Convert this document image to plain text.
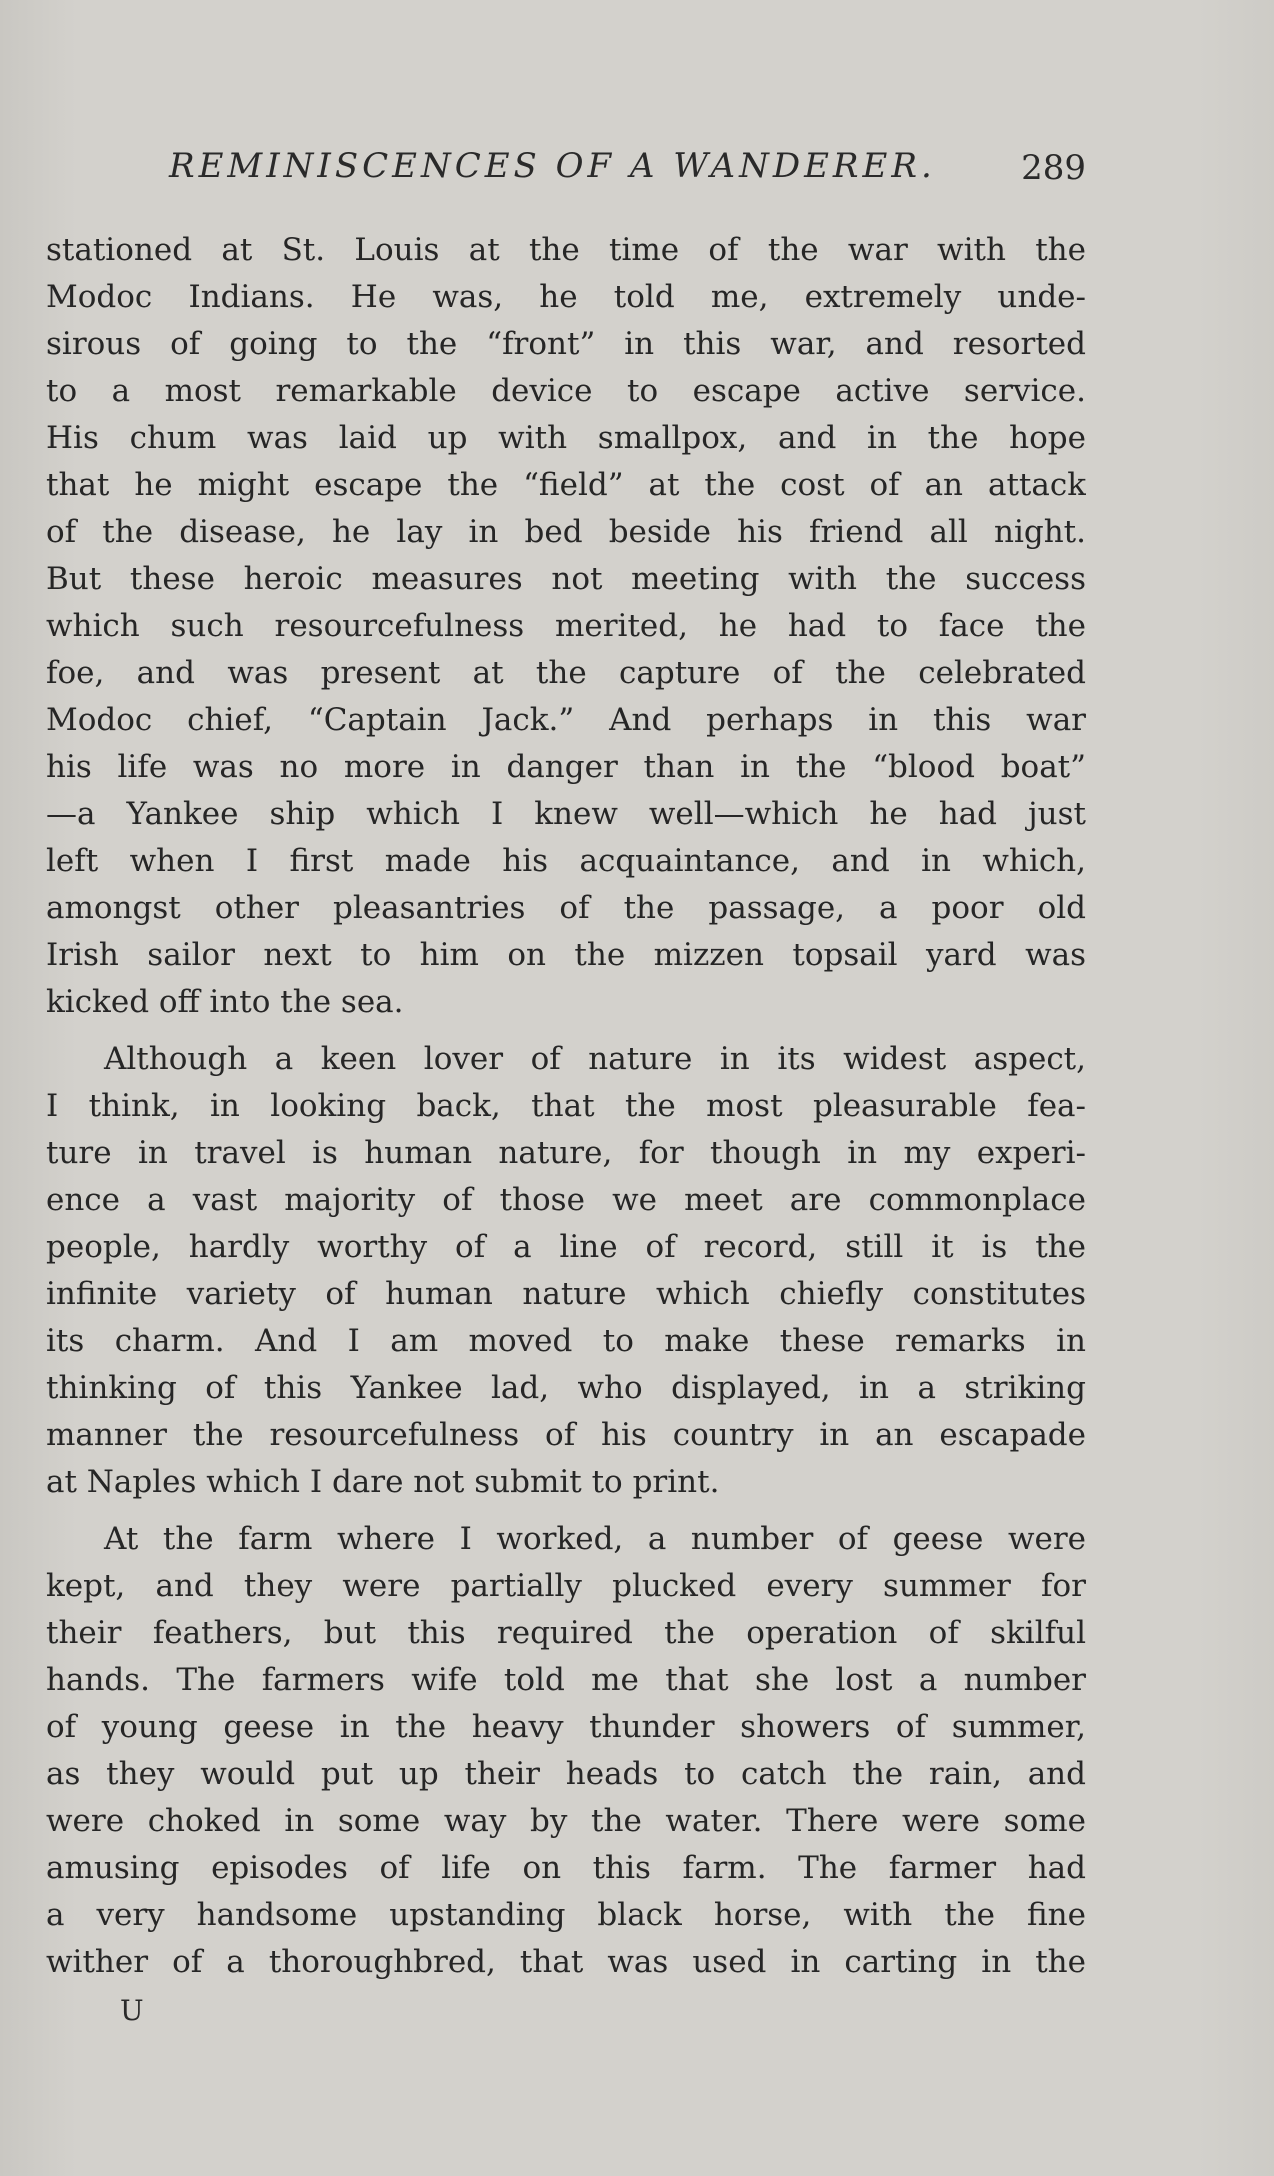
REMINISCENCES OF A WANDERER.	289
stationed at St. Louis at the time of the war with the
Modoc Indians. He was, he told me, extremely unde-
sirous of going to the “front” in this war, and resorted
to a most remarkable device to escape active service.
His chum was laid up with smallpox, and in the hope
that he might escape the “field” at the cost of an attack
of the disease, he lay in bed beside his friend all night.
But these heroic measures not meeting with the success
which such resourcefulness merited, he had to face the
foe, and was present at the capture of the celebrated
Modoc chief, “Captain Jack.” And perhaps in this war
his life was no more in danger than in the “blood boat”
—a Yankee ship which I knew well—which he had just
left when I first made his acquaintance, and in which,
amongst other pleasantries of the passage, a poor old
Irish sailor next to him on the mizzen topsail yard was
kicked off into the sea.
Although a keen lover of nature in its widest aspect,
I think, in looking back, that the most pleasurable fea-
ture in travel is human nature, for though in my experi-
ence a vast majority of those we meet are commonplace
people, hardly worthy of a line of record, still it is the
infinite variety of human nature which chiefly constitutes
its charm. And I am moved to make these remarks in
thinking of this Yankee lad, who displayed, in a striking
manner the resourcefulness of his country in an escapade
at Naples which I dare not submit to print.
At the farm where I worked, a number of geese were
kept, and they were partially plucked every summer for
their feathers, but this required the operation of skilful
hands. The farmers wife told me that she lost a number
of young geese in the heavy thunder showers of summer,
as they would put up their heads to catch the rain, and
were choked in some way by the water. There were some
amusing episodes of life on this farm. The farmer had
a very handsome upstanding black horse, with the fine
wither of a thoroughbred, that was used in carting in the
U
